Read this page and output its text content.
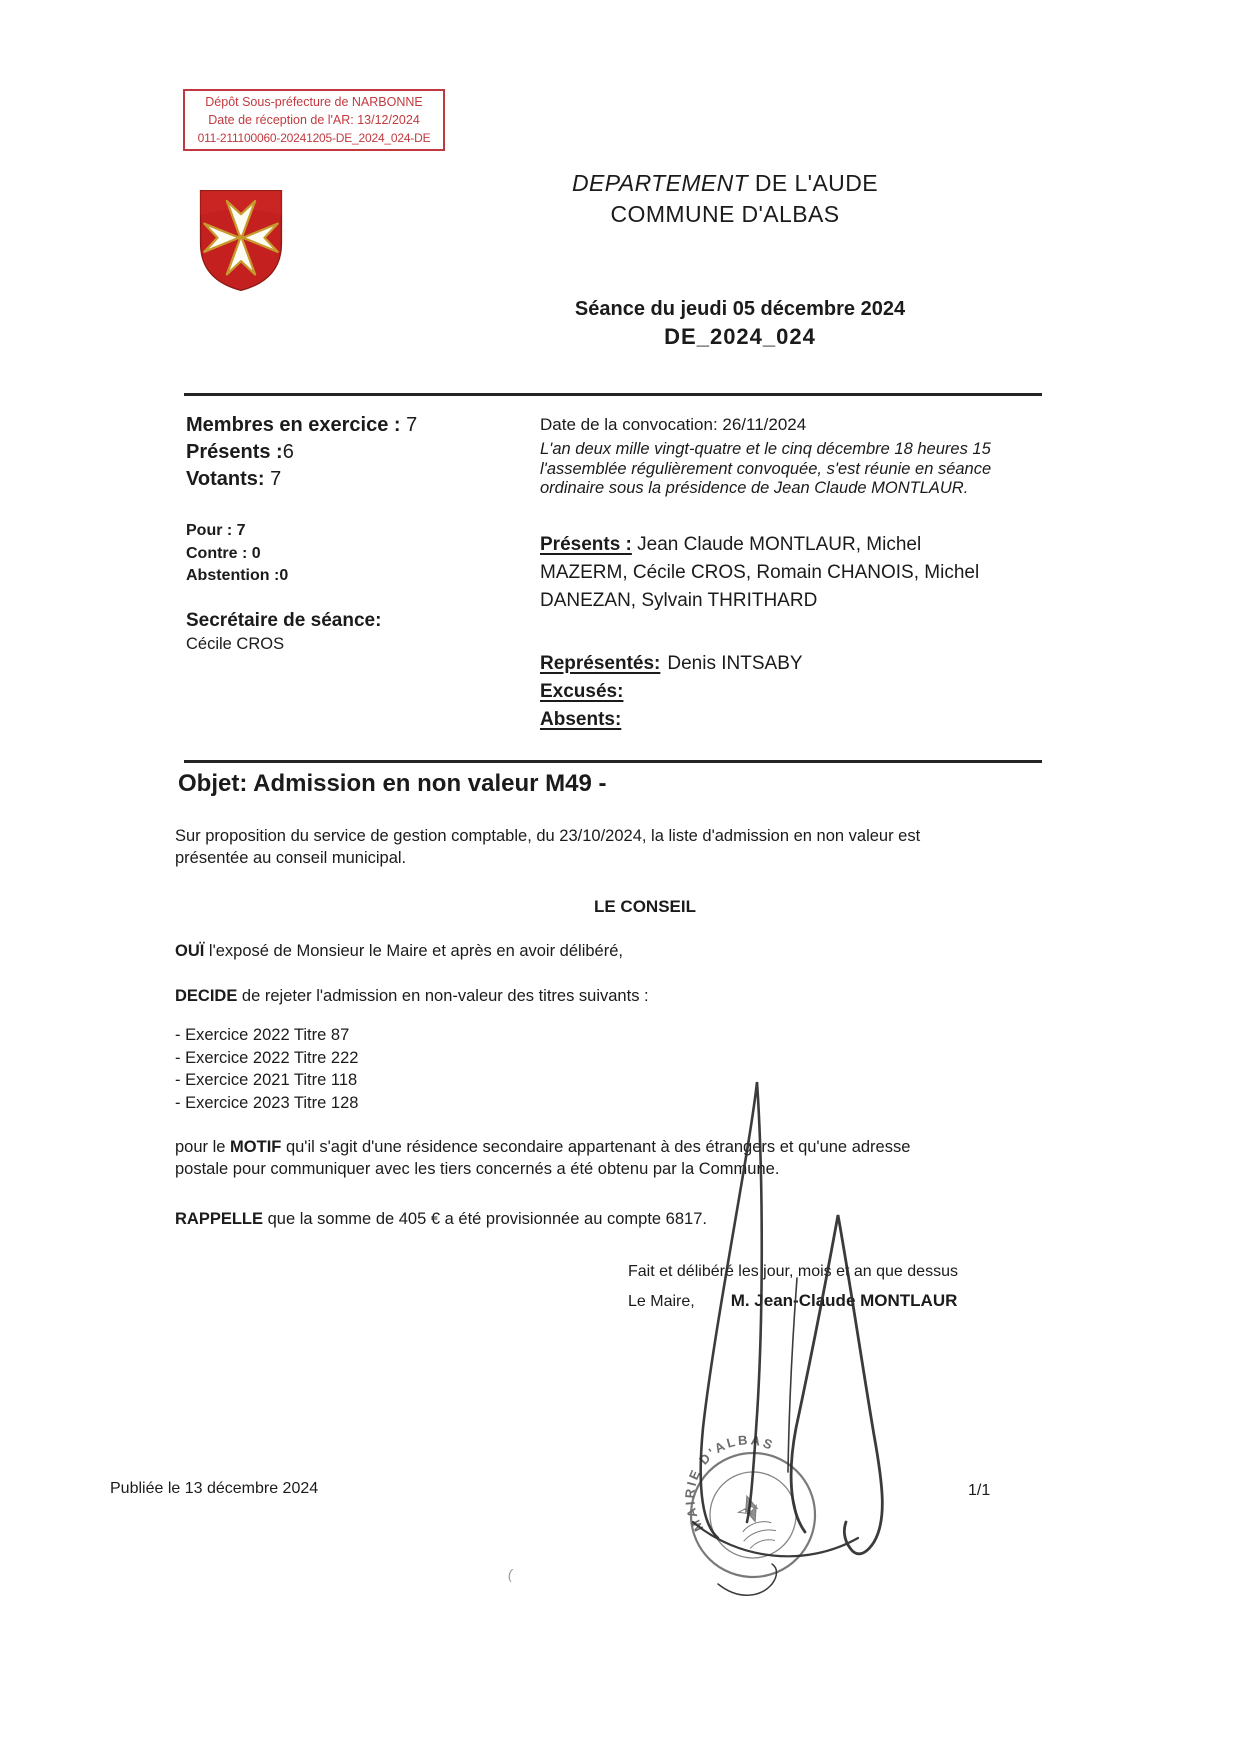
Dépôt Sous-préfecture de NARBONNE
Date de réception de l'AR: 13/12/2024
011-211100060-20241205-DE_2024_024-DE
DEPARTEMENT DE L'AUDE
COMMUNE D'ALBAS
Séance du jeudi 05 décembre 2024
DE_2024_024
Membres en exercice : 7
Présents :6
Votants: 7
Pour : 7
Contre : 0
Abstention :0
Secrétaire de séance:
Cécile CROS
Date de la convocation: 26/11/2024
L'an deux mille vingt-quatre et le cinq décembre 18 heures 15 l'assemblée régulièrement convoquée, s'est réunie en séance ordinaire sous la présidence de Jean Claude MONTLAUR.
Présents : Jean Claude MONTLAUR, Michel MAZERM, Cécile CROS, Romain CHANOIS, Michel DANEZAN, Sylvain THRITHARD
Représentés: Denis INTSABY
Excusés:
Absents:
Objet: Admission en non valeur M49 -
Sur proposition du service de gestion comptable, du 23/10/2024, la liste d'admission en non valeur est présentée au conseil municipal.
LE CONSEIL
OUÏ l'exposé de Monsieur le Maire et après en avoir délibéré,
DECIDE de rejeter l'admission en non-valeur des titres suivants :
- Exercice 2022 Titre 87
- Exercice 2022 Titre 222
- Exercice 2021 Titre 118
- Exercice 2023 Titre 128
pour le MOTIF qu'il s'agit d'une résidence secondaire appartenant à des étrangers et qu'une adresse postale pour communiquer avec les tiers concernés a été obtenu par la Commune.
RAPPELLE que la somme de 405 € a été provisionnée au compte 6817.
Fait et délibéré les jour, mois et an que dessus
Le Maire, M. Jean-Claude MONTLAUR
MAIRIE D'ALBAS
(
Publiée le 13 décembre 2024	1/1
